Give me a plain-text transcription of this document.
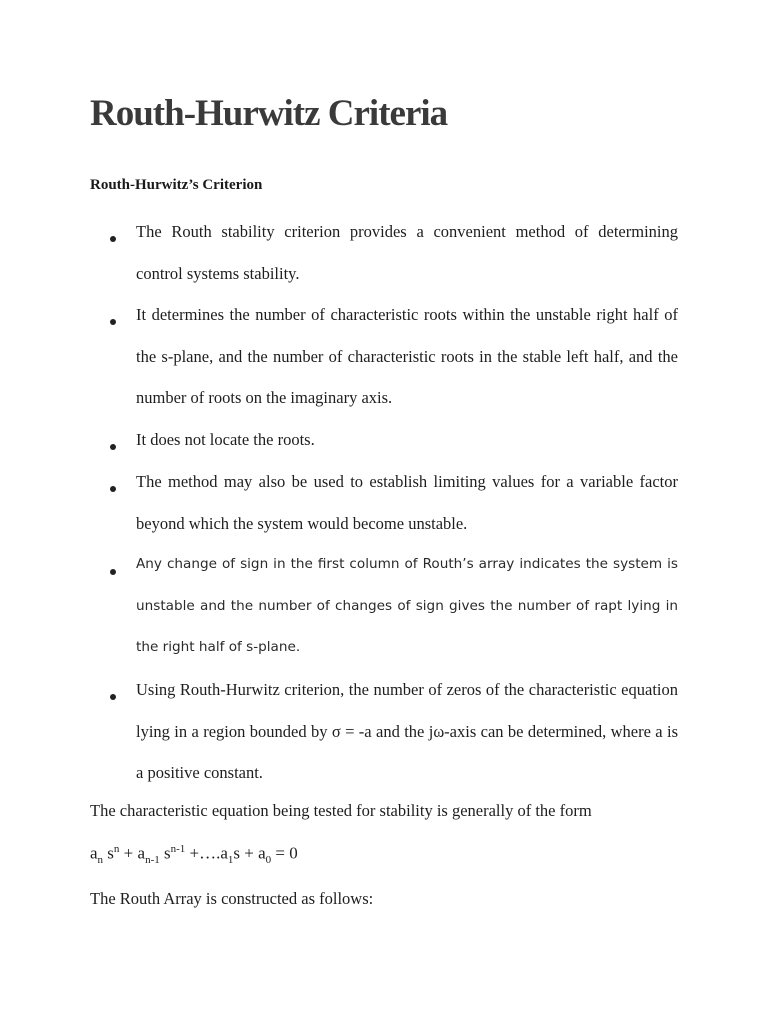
Routh-Hurwitz Criteria
Routh-Hurwitz’s Criterion
The Routh stability criterion provides a convenient method of determining control systems stability.
It determines the number of characteristic roots within the unstable right half of the s-plane, and the number of characteristic roots in the stable left half, and the number of roots on the imaginary axis.
It does not locate the roots.
The method may also be used to establish limiting values for a variable factor beyond which the system would become unstable.
Any change of sign in the first column of Routh’s array indicates the system is unstable and the number of changes of sign gives the number of rapt lying in the right half of s-plane.
Using Routh-Hurwitz criterion, the number of zeros of the characteristic equation lying in a region bounded by σ = -a and the jω-axis can be determined, where a is a positive constant.

The characteristic equation being tested for stability is generally of the form

$a_n$ $s^n + a_{n-1}$ $s^{n-1}$ $+\dots.a_1s + a_0 = 0$

The Routh Array is constructed as follows:
